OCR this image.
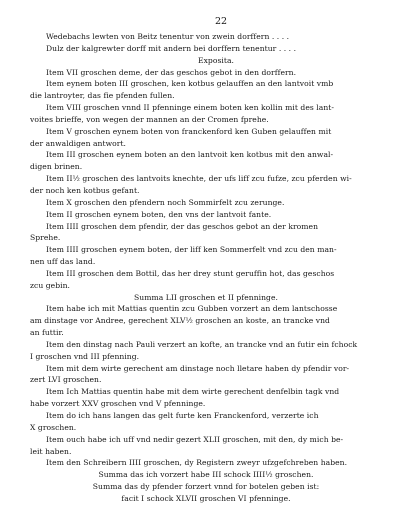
22
Wedebachs lewten von Beitz tenentur von zwein dorffern . . . .
Dulz der kalgrewter dorff mit andern bei dorffern tenentur . . . .
Exposita.
Item VII groschen deme, der das geschos gebot in den dorffern.
Item eynem boten III groschen, ken kotbus gelauffen an den lantvoit vmb
die lantroyter, das fie pfenden fullen.
Item VIII groschen vnnd II pfenninge einem boten ken kollin mit des lant-
voites brieffe, von wegen der mannen an der Cromen fprehe.
Item V groschen eynem boten von franckenford ken Guben gelauffen mit
der anwaldigen antwort.
Item III groschen eynem boten an den lantvoit ken kotbus mit den anwal-
digen brinen.
Item II½ groschen des lantvoits knechte, der ufs liff zcu fufze, zcu pferden wi-
der noch ken kotbus gefant.
Item X groschen den pfendern noch Sommirfelt zcu zerunge.
Item II groschen eynem boten, den vns der lantvoit fante.
Item IIII groschen dem pfendir, der das geschos gebot an der kromen
Sprehe.
Item IIII groschen eynem boten, der liff ken Sommerfelt vnd zcu den man-
nen uff das land.
Item III groschen dem Bottil, das her drey stunt geruffin hot, das geschos
zcu gebin.
Summa LII groschen et II pfenninge.
Item habe ich mit Mattias quentin zcu Gubben vorzert an dem lantschosse
am dinstage vor Andree, gerechent XLV½ groschen an koste, an trancke vnd
an futtir.
Item den dinstag nach Pauli verzert an kofte, an trancke vnd an futir ein fchock
I groschen vnd III pfenning.
Item mit dem wirte gerechent am dinstage noch lletare haben dy pfendir vor-
zert LVI groschen.
Item Ich Mattias quentin habe mit dem wirte gerechent denfelbin tagk vnd
habe vorzert XXV groschen vnd V pfenninge.
Item do ich hans langen das gelt furte ken Franckenford, verzerte ich
X groschen.
Item ouch habe ich uff vnd nedir gezert XLII groschen, mit den, dy mich be-
leit haben.
Item den Schreibern IIII groschen, dy Registern zweyr ufzgefchreben haben.
Summa das ich vorzert habe III schock IIII½ groschen.
Summa das dy pfender forzert vnnd for botelen geben ist:
facit I schock XLVII groschen VI pfenninge.
